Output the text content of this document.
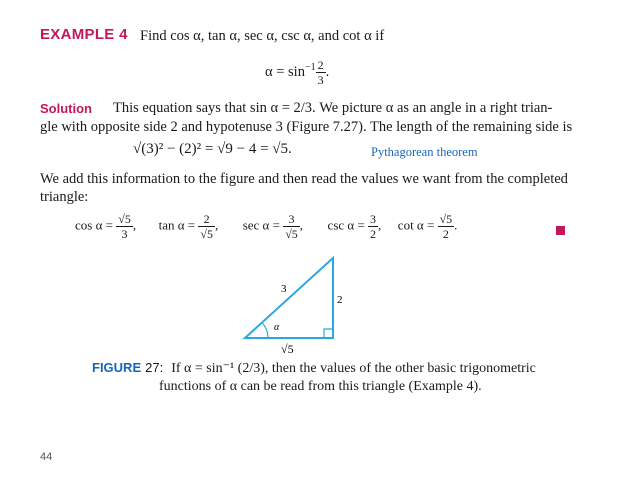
EXAMPLE 4 Find cos α, tan α, sec α, csc α, and cot α if
$\alpha = \sin^{-1} \frac{2}{3}$ .
Solution This equation says that sin α = 2/3. We picture α as an angle in a right trian-
gle with opposite side 2 and hypotenuse 3 (Figure 7.27). The length of the remaining side is
√(3)² − (2)² = √9 − 4 = √5.	Pythagorean theorem
We add this information to the figure and then read the values we want from the completed
triangle:
$\cos \alpha = \frac{√5}{3}$ , $\tan \alpha = \frac{2}{√5}$ , $\sec \alpha = \frac{3}{√5}$ , $\csc \alpha = \frac{3}{2}$ , $\cot \alpha = \frac{√5}{2}$ .
3
2
α
√5
FIGURE 27: If α = sin⁻¹ (2/3), then the values of the other basic trigonometric
functions of α can be read from this triangle (Example 4).
44
